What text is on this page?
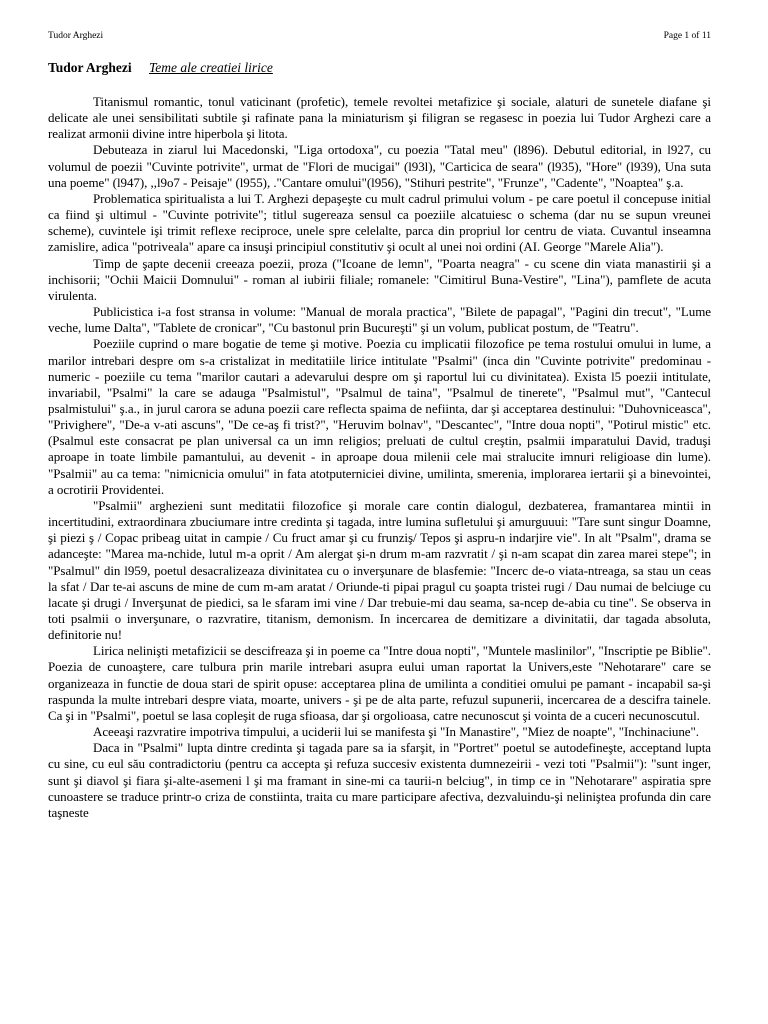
Tudor Arghezi	Page 1 of 11
Tudor Arghezi Teme ale creatiei lirice

Titanismul romantic, tonul vaticinant (profetic), temele revoltei metafizice şi sociale, alaturi de sunetele diafane şi delicate ale unei sensibilitati subtile şi rafinate pana la miniaturism şi filigran se regasesc in poezia lui Tudor Arghezi care a realizat armonii divine intre hiperbola şi litota.

Debuteaza in ziarul lui Macedonski, "Liga ortodoxa", cu poezia "Tatal meu" (l896). Debutul editorial, in l927, cu volumul de poezii "Cuvinte potrivite", urmat de "Flori de mucigai" (l93l), "Carticica de seara" (l935), "Hore" (l939), Una suta una poeme" (l947), ,,l9o7 - Peisaje" (l955), ."Cantare omului"(l956), "Stihuri pestrite", "Frunze", "Cadente", "Noaptea" ş.a.

Problematica spiritualista a lui T. Arghezi depaşeşte cu mult cadrul primului volum - pe care poetul il concepuse initial ca fiind şi ultimul - "Cuvinte potrivite"; titlul sugereaza sensul ca poeziile alcatuiesc o schema (dar nu se supun vreunei scheme), cuvintele işi trimit reflexe reciproce, unele spre celelalte, parca din propriul lor centru de viata. Cuvantul inseamna zamislire, adica "potriveala" apare ca insuşi principiul constitutiv şi ocult al unei noi ordini (AI. George "Marele Alia").

Timp de şapte decenii creeaza poezii, proza ("Icoane de lemn", "Poarta neagra" - cu scene din viata manastirii şi a inchisorii; "Ochii Maicii Domnului" - roman al iubirii filiale; romanele: "Cimitirul Buna-Vestire", "Lina"), pamflete de acuta virulenta.

Publicistica i-a fost stransa in volume: "Manual de morala practica", "Bilete de papagal", "Pagini din trecut", "Lume veche, lume Dalta", "Tablete de cronicar", "Cu bastonul prin Bucureşti" şi un volum, publicat postum, de "Teatru".

Poeziile cuprind o mare bogatie de teme şi motive. Poezia cu implicatii filozofice pe tema rostului omului in lume, a marilor intrebari despre om s-a cristalizat in meditatiile lirice intitulate "Psalmi" (inca din "Cuvinte potrivite" predominau - numeric - poeziile cu tema "marilor cautari a adevarului despre om şi raportul lui cu divinitatea). Exista l5 poezii intitulate, invariabil, "Psalmi" la care se adauga "Psalmistul", "Psalmul de taina", "Psalmul de tinerete", "Psalmul mut", "Cantecul psalmistului" ş.a., in jurul carora se aduna poezii care reflecta spaima de nefiinta, dar şi acceptarea destinului: "Duhovniceasca", "Privighere", "De-a v-ati ascuns", "De ce-aş fi trist?", "Heruvim bolnav", "Descantec", "Intre doua nopti", "Potirul mistic" etc. (Psalmul este consacrat pe plan universal ca un imn religios; preluati de cultul creştin, psalmii imparatului David, traduşi aproape in toate limbile pamantului, au devenit - in aproape doua milenii cele mai stralucite imnuri religioase din lume). "Psalmii" au ca tema: "nimicnicia omului" in fata atotputerniciei divine, umilinta, smerenia, implorarea iertarii şi a binevointei, a ocrotirii Providentei.

"Psalmii" arghezieni sunt meditatii filozofice şi morale care contin dialogul, dezbaterea, framantarea mintii in incertitudini, extraordinara zbuciumare intre credinta şi tagada, intre lumina sufletului şi amurguuui: "Tare sunt singur Doamne, şi piezi ş / Copac pribeag uitat in campie / Cu fruct amar şi cu frunziş/ Tepos şi aspru-n indarjire vie". In alt "Psalm", drama se adanceşte: "Marea ma-nchide, lutul m-a oprit / Am alergat şi-n drum m-am razvratit / şi n-am scapat din zarea marei stepe"; in "Psalmul" din l959, poetul desacralizeaza divinitatea cu o inverşunare de blasfemie: "Incerc de-o viata-ntreaga, sa stau un ceas la sfat / Dar te-ai ascuns de mine de cum m-am aratat / Oriunde-ti pipai pragul cu şoapta tristei rugi / Dau numai de belciuge cu lacate şi drugi / Inverşunat de piedici, sa le sfaram imi vine / Dar trebuie-mi dau seama, sa-ncep de-abia cu tine". Se observa in toti psalmii o inverşunare, o razvratire, titanism, demonism. In incercarea de demitizare a divinitatii, dar tagada absoluta, definitorie nu!

Lirica nelinişti metafizicii se descifreaza şi in poeme ca "Intre doua nopti", "Muntele maslinilor", "Inscriptie pe Biblie". Poezia de cunoaştere, care tulbura prin marile intrebari asupra eului uman raportat la Univers,este "Nehotarare" care se organizeaza in functie de doua stari de spirit opuse: acceptarea plina de umilinta a conditiei omului pe pamant - incapabil sa-şi raspunda la multe intrebari despre viata, moarte, univers - şi pe de alta parte, refuzul supunerii, incercarea de a descifra tainele. Ca şi in "Psalmi", poetul se lasa copleşit de ruga sfioasa, dar şi orgolioasa, catre necunoscut şi vointa de a cuceri necunoscutul.

Aceeaşi razvratire impotriva timpului, a uciderii lui se manifesta şi "In Manastire", "Miez de noapte", "Inchinaciune".

Daca in "Psalmi" lupta dintre credinta şi tagada pare sa ia sfarşit, in "Portret" poetul se autodefineşte, acceptand lupta cu sine, cu eul său contradictoriu (pentru ca accepta şi refuza succesiv existenta dumnezeirii - vezi toti "Psalmii"): "sunt inger, sunt şi diavol şi fiara şi-alte-asemeni l şi ma framant in sine-mi ca taurii-n belciug", in timp ce in "Nehotarare" aspiratia spre cunoastere se traduce printr-o criza de constiinta, traita cu mare participare afectiva, dezvaluindu-şi neliniştea profunda din care taşneste
